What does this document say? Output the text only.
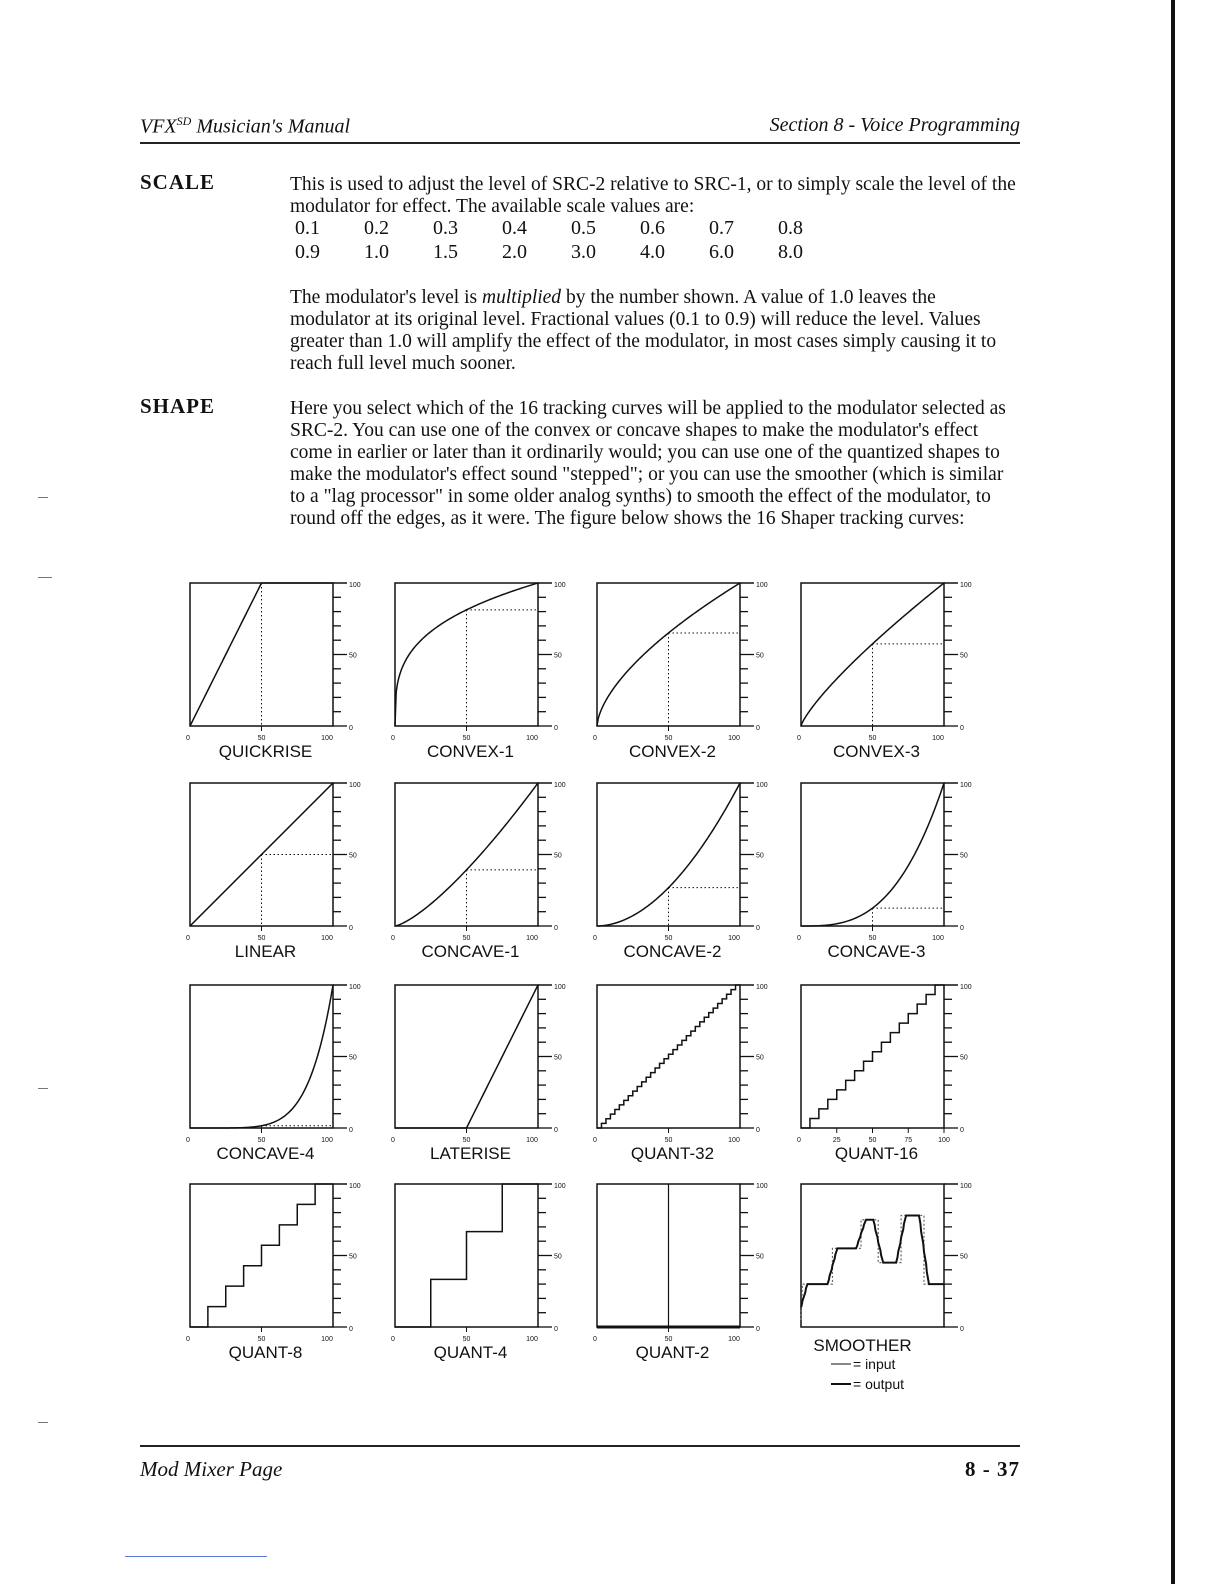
$VFX^{SD}$ Musician's Manual	Section 8 - Voice Programming
SCALE	This is used to adjust the level of SRC-2 relative to SRC-1, or to simply scale the level of the modulator for effect. The available scale values are:
0.1 0.2 0.3 0.4 0.5 0.6 0.7 0.8
0.9 1.0 1.5 2.0 3.0 4.0 6.0 8.0
The modulator's level is multiplied by the number shown. A value of 1.0 leaves the modulator at its original level. Fractional values (0.1 to 0.9) will reduce the level. Values greater than 1.0 will amplify the effect of the modulator, in most cases simply causing it to reach full level much sooner.
SHAPE	Here you select which of the 16 tracking curves will be applied to the modulator selected as SRC-2. You can use one of the convex or concave shapes to make the modulator's effect come in earlier or later than it ordinarily would; you can use one of the quantized shapes to make the modulator's effect sound "stepped"; or you can use the smoother (which is similar to a "lag processor" in some older analog synths) to smooth the effect of the modulator, to round off the edges, as it were. The figure below shows the 16 Shaper tracking curves:
100
50
0
0	50	100
QUICKRISE
100
50
0
0	50	100
CONVEX-1
100
50
0
0	50	100
CONVEX-2
100
50
0
0	50	100
CONVEX-3
100
50
0
0	50	100
LINEAR
100
50
0
0	50	100
CONCAVE-1
100
50
0
0	50	100
CONCAVE-2
100
50
0
0	50	100
CONCAVE-3
100
50
0
0	50	100
CONCAVE-4
100
50
0
0	50	100
LATERISE
100
50
0
0	50	100
QUANT-32
100
50
0
0	25	50	75	100
QUANT-16
100
50
0
0	50	100
QUANT-8
100
50
0
0	50	100
QUANT-4
100
50
0
0	50	100
QUANT-2
100
50
0
SMOOTHER
= input
= output
Mod Mixer Page	8 - 37
